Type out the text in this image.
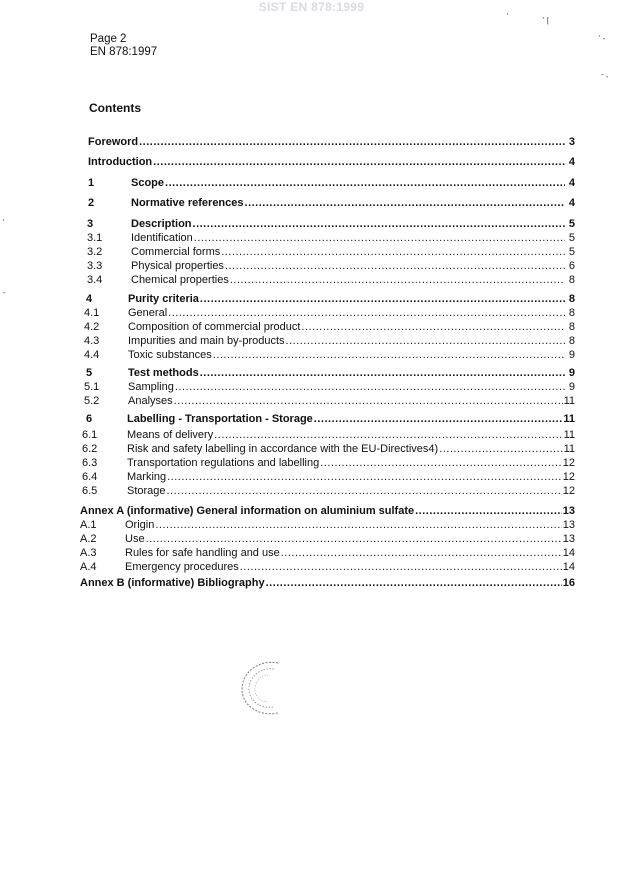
SIST EN 878:1999
Page 2
EN 878:1997
Contents
Foreword .....	3
Introduction .....	4
1	Scope .....	4
2	Normative references .....	4
3	Description .....	5
3.1	Identification .....	5
3.2	Commercial forms .....	5
3.3	Physical properties .....	6
3.4	Chemical properties .....	8
4	Purity criteria .....	8
4.1	General .....	8
4.2	Composition of commercial product .....	8
4.3	Impurities and main by-products .....	8
4.4	Toxic substances .....	9
5	Test methods .....	9
5.1	Sampling .....	9
5.2	Analyses .....	11
6	Labelling - Transportation - Storage .....	11
6.1	Means of delivery .....	11
6.2	Risk and safety labelling in accordance with the EU-Directives4) .....	11
6.3	Transportation regulations and labelling .....	12
6.4	Marking .....	12
6.5	Storage .....	12
Annex A (informative) General information on aluminium sulfate .....	13
A.1	Origin .....	13
A.2	Use .....	13
A.3	Rules for safe handling and use .....	14
A.4	Emergency procedures .....	14
Annex B (informative) Bibliography .....	16
'	' |
' -
- ,
'
-
